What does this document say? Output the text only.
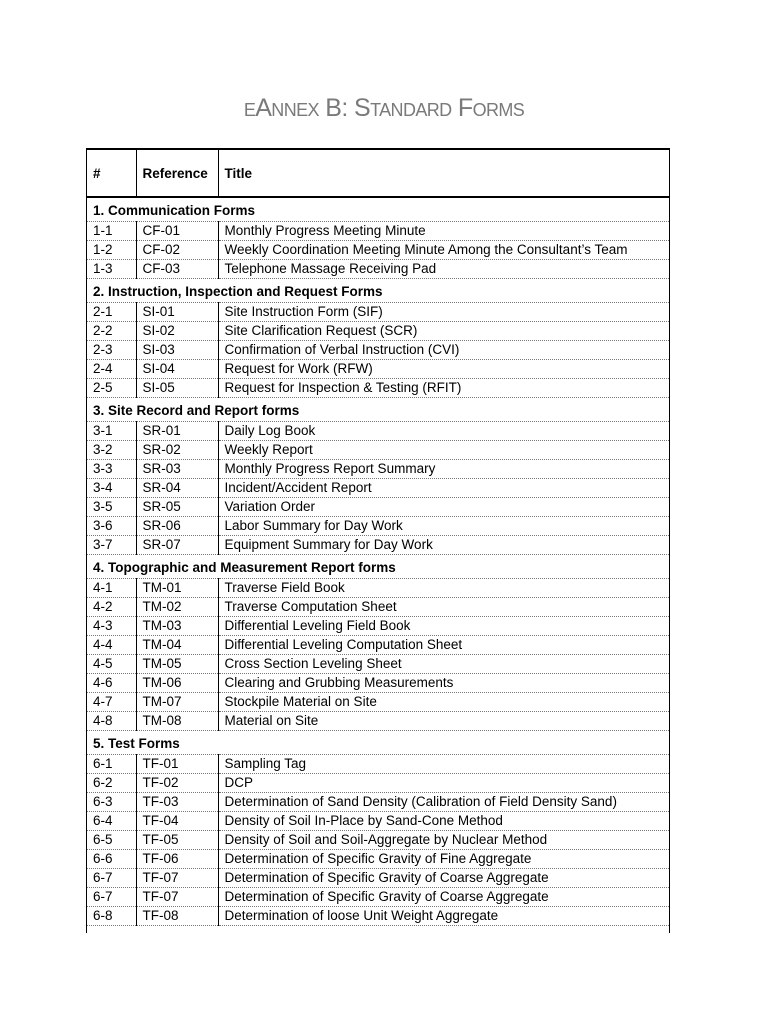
eAnnex B: Standard Forms
#	Reference	Title
1. Communication Forms		
1-1	CF-01	Monthly Progress Meeting Minute
1-2	CF-02	Weekly Coordination Meeting Minute Among the Consultant’s Team
1-3	CF-03	Telephone Massage Receiving Pad
2. Instruction, Inspection and Request Forms		
2-1	SI-01	Site Instruction Form (SIF)
2-2	SI-02	Site Clarification Request (SCR)
2-3	SI-03	Confirmation of Verbal Instruction (CVI)
2-4	SI-04	Request for Work (RFW)
2-5	SI-05	Request for Inspection & Testing (RFIT)
3. Site Record and Report forms		
3-1	SR-01	Daily Log Book
3-2	SR-02	Weekly Report
3-3	SR-03	Monthly Progress Report Summary
3-4	SR-04	Incident/Accident Report
3-5	SR-05	Variation Order
3-6	SR-06	Labor Summary for Day Work
3-7	SR-07	Equipment Summary for Day Work
4. Topographic and Measurement Report forms		
4-1	TM-01	Traverse Field Book
4-2	TM-02	Traverse Computation Sheet
4-3	TM-03	Differential Leveling Field Book
4-4	TM-04	Differential Leveling Computation Sheet
4-5	TM-05	Cross Section Leveling Sheet
4-6	TM-06	Clearing and Grubbing Measurements
4-7	TM-07	Stockpile Material on Site
4-8	TM-08	Material on Site
5. Test Forms		
6-1	TF-01	Sampling Tag
6-2	TF-02	DCP
6-3	TF-03	Determination of Sand Density (Calibration of Field Density Sand)
6-4	TF-04	Density of Soil In-Place by Sand-Cone Method
6-5	TF-05	Density of Soil and Soil-Aggregate by Nuclear Method
6-6	TF-06	Determination of Specific Gravity of Fine Aggregate
6-7	TF-07	Determination of Specific Gravity of Coarse Aggregate
6-7	TF-07	Determination of Specific Gravity of Coarse Aggregate
6-8	TF-08	Determination of loose Unit Weight Aggregate
